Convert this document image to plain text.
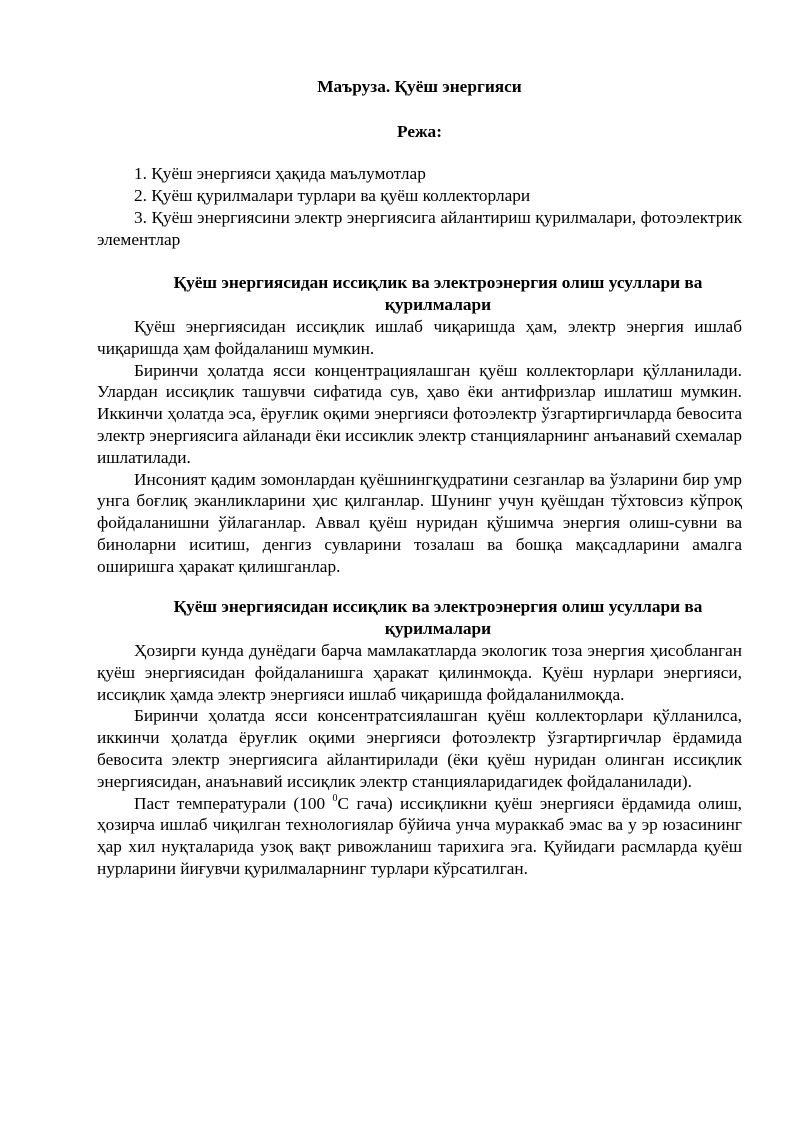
Маъруза. Қуёш энергияси
Режа:
1. Қуёш энергияси ҳақида маълумотлар
2. Қуёш қурилмалари турлари ва қуёш коллекторлари
3. Қуёш энергиясини электр энергиясига айлантириш қурилмалари, фотоэлектрик элементлар
Қуёш энергиясидан иссиқлик ва электроэнергия олиш усуллари ва қурилмалари

Қуёш энергиясидан иссиқлик ишлаб чиқаришда ҳам, электр энергия ишлаб чиқаришда ҳам фойдаланиш мумкин.

Биринчи ҳолатда ясси концентрациялашган қуёш коллекторлари қўлланилади. Улардан иссиқлик ташувчи сифатида сув, ҳаво ёки антифризлар ишлатиш мумкин. Иккинчи ҳолатда эса, ёруғлик оқими энергияси фотоэлектр ўзгартиргичларда бевосита электр энергиясига айланади ёки иссиклик электр станцияларнинг анъанавий схемалар ишлатилади.

Инсоният қадим зомонлардан қуёшнингқудратини сезганлар ва ўзларини бир умр унга боғлиқ эканликларини ҳис қилганлар. Шунинг учун қуёшдан тўхтовсиз кўпроқ фойдаланишни ўйлаганлар. Аввал қуёш нуридан қўшимча энергия олиш-сувни ва биноларни иситиш, денгиз сувларини тозалаш ва бошқа мақсадларини амалга оширишга ҳаракат қилишганлар.

Қуёш энергиясидан иссиқлик ва электроэнергия олиш усуллари ва қурилмалари

Ҳозирги кунда дунёдаги барча мамлакатларда экологик тоза энергия ҳисобланган қуёш энергиясидан фойдаланишга ҳаракат қилинмоқда. Қуёш нурлари энергияси, иссиқлик ҳамда электр энергияси ишлаб чиқаришда фойдаланилмоқда.

Биринчи ҳолатда ясси консентратсиялашган қуёш коллекторлари қўлланилса, иккинчи ҳолатда ёруғлик оқими энергияси фотоэлектр ўзгартиргичлар ёрдамида бевосита электр энергиясига айлантирилади (ёки қуёш нуридан олинган иссиқлик энергиясидан, анаънавий иссиқлик электр станцияларидагидек фойдаланилади).

Паст температурали (100 $^0$С гача) иссиқликни қуёш энергияси ёрдамида олиш, ҳозирча ишлаб чиқилган технологиялар бўйича унча мураккаб эмас ва у эр юзасининг ҳар хил нуқталарида узоқ вақт ривожланиш тарихига эга. Қуйидаги расмларда қуёш нурларини йиғувчи қурилмаларнинг турлари кўрсатилган.
